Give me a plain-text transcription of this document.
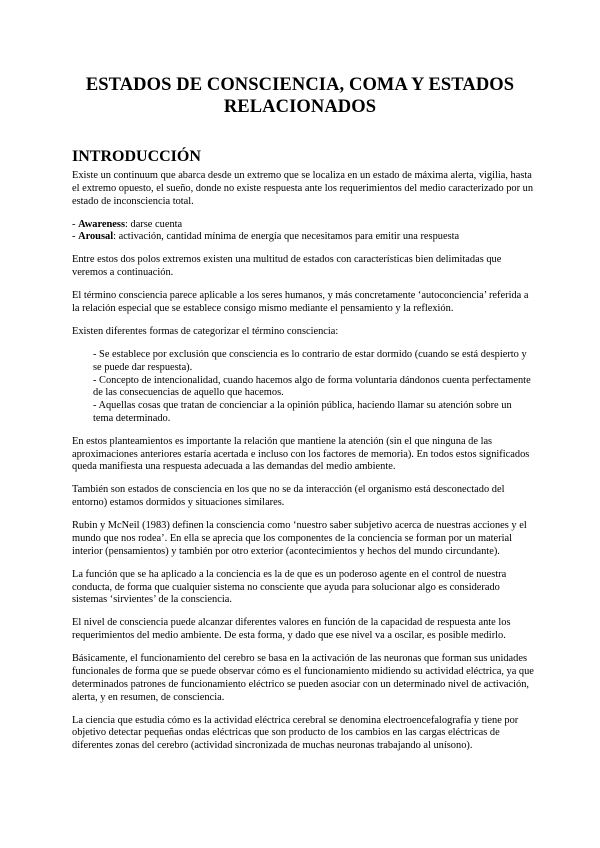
ESTADOS DE CONSCIENCIA, COMA Y ESTADOS RELACIONADOS
INTRODUCCIÓN

Existe un continuum que abarca desde un extremo que se localiza en un estado de máxima alerta, vigilia, hasta el extremo opuesto, el sueño, donde no existe respuesta ante los requerimientos del medio caracterizado por un estado de inconsciencia total.

- Awareness: darse cuenta

- Arousal: activación, cantidad mínima de energía que necesitamos para emitir una respuesta

Entre estos dos polos extremos existen una multitud de estados con características bien delimitadas que veremos a continuación.

El término consciencia parece aplicable a los seres humanos, y más concretamente ‘autoconciencia’ referida a la relación especial que se establece consigo mismo mediante el pensamiento y la reflexión.

Existen diferentes formas de categorizar el término consciencia:

- Se establece por exclusión que consciencia es lo contrario de estar dormido (cuando se está despierto y se puede dar respuesta).
- Concepto de intencionalidad, cuando hacemos algo de forma voluntaria dándonos cuenta perfectamente de las consecuencias de aquello que hacemos.
- Aquellas cosas que tratan de concienciar a la opinión pública, haciendo llamar su atención sobre un tema determinado.

En estos planteamientos es importante la relación que mantiene la atención (sin el que ninguna de las aproximaciones anteriores estaría acertada e incluso con los factores de memoria). En todos estos significados queda manifiesta una respuesta adecuada a las demandas del medio ambiente.

También son estados de consciencia en los que no se da interacción (el organismo está desconectado del entorno) estamos dormidos y situaciones similares.

Rubin y McNeil (1983) definen la consciencia como ‘nuestro saber subjetivo acerca de nuestras acciones y el mundo que nos rodea’. En ella se aprecia que los componentes de la conciencia se forman por un material interior (pensamientos) y también por otro exterior (acontecimientos y hechos del mundo circundante).

La función que se ha aplicado a la conciencia es la de que es un poderoso agente en el control de nuestra conducta, de forma que cualquier sistema no consciente que ayuda para solucionar algo es considerado sistemas ‘sirvientes’ de la consciencia.

El nivel de consciencia puede alcanzar diferentes valores en función de la capacidad de respuesta ante los requerimientos del medio ambiente. De esta forma, y dado que ese nivel va a oscilar, es posible medirlo.

Básicamente, el funcionamiento del cerebro se basa en la activación de las neuronas que forman sus unidades funcionales de forma que se puede observar cómo es el funcionamiento midiendo su actividad eléctrica, ya que determinados patrones de funcionamiento eléctrico se pueden asociar con un determinado nivel de activación, alerta, y en resumen, de consciencia.

La ciencia que estudia cómo es la actividad eléctrica cerebral se denomina electroencefalografía y tiene por objetivo detectar pequeñas ondas eléctricas que son producto de los cambios en las cargas eléctricas de diferentes zonas del cerebro (actividad sincronizada de muchas neuronas trabajando al unísono).
